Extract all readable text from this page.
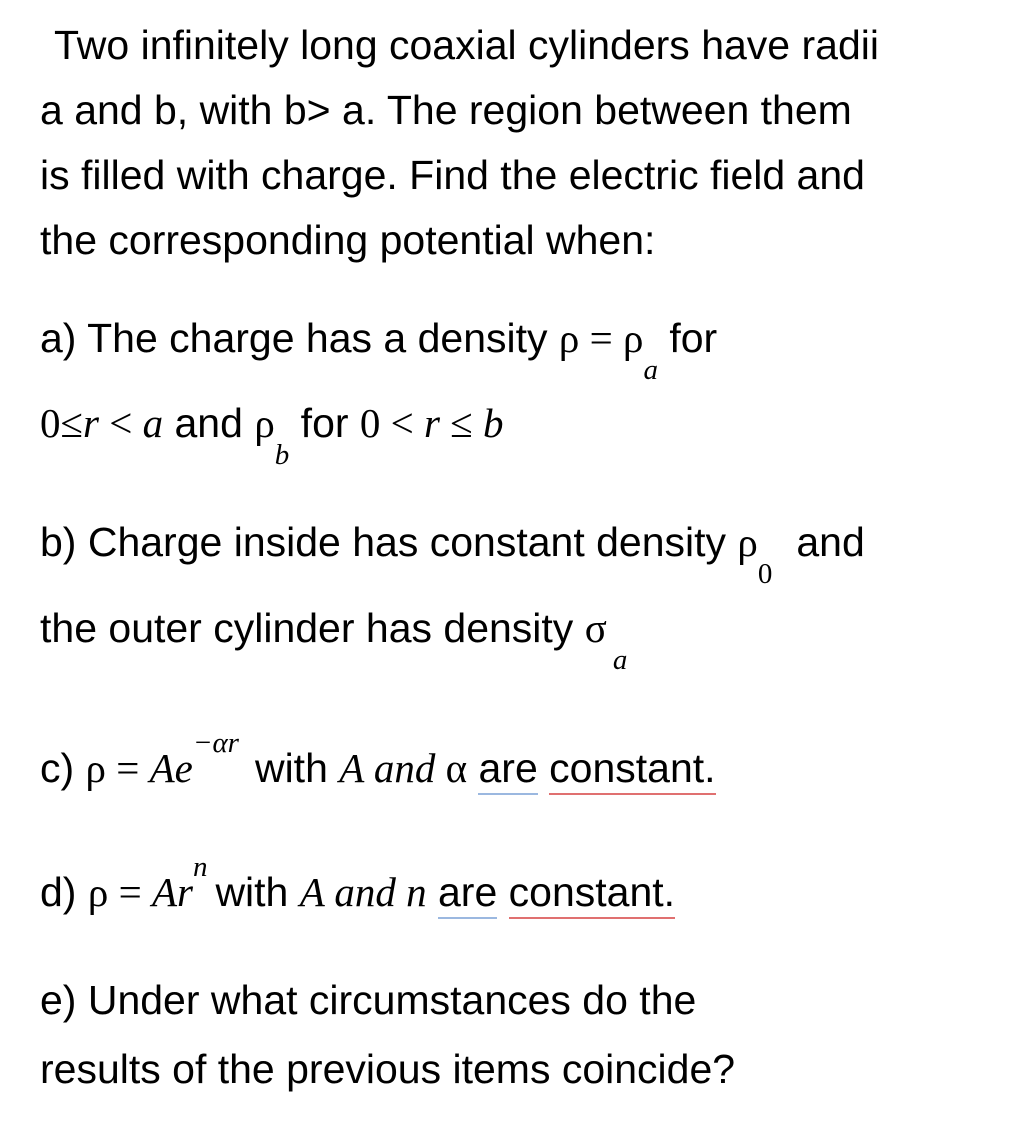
Two infinitely long coaxial cylinders have radii
a and b, with b> a. The region between them
is filled with charge. Find the electric field and
the corresponding potential when:
a) The charge has a density ρ = ρa for
0≤r < a and ρb for 0 < r ≤ b
b) Charge inside has constant density ρ0and
the outer cylinder has density σa
c) ρ = Ae−αrwith A and α are constant.
d) ρ = Arnwith A and n are constant.
e) Under what circumstances do the
results of the previous items coincide?
